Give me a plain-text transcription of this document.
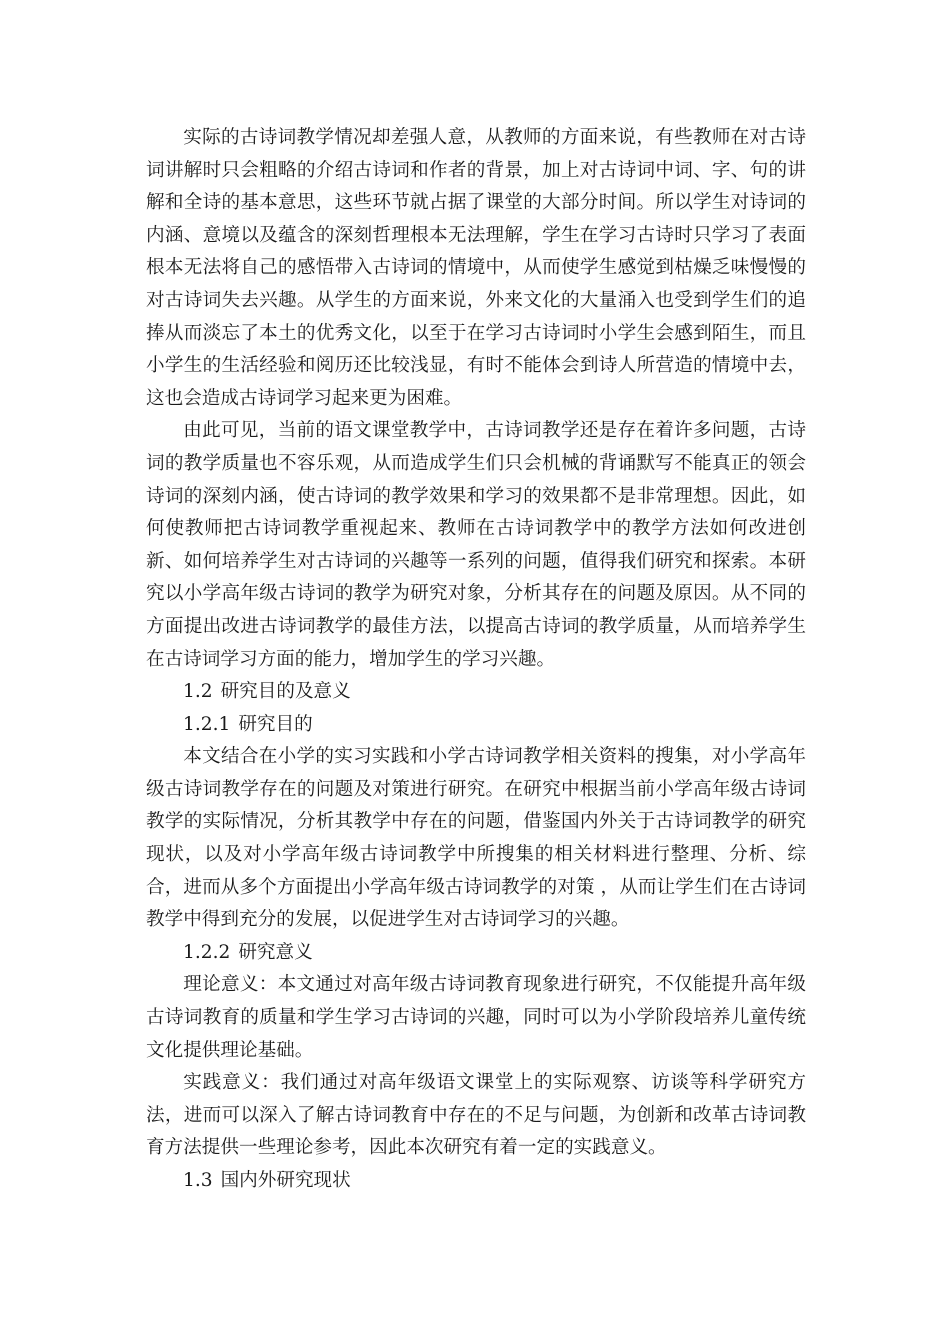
实际的古诗词教学情况却差强人意，从教师的方面来说，有些教师在对古诗词讲解时只会粗略的介绍古诗词和作者的背景，加上对古诗词中词、字、句的讲解和全诗的基本意思，这些环节就占据了课堂的大部分时间。所以学生对诗词的内涵、意境以及蕴含的深刻哲理根本无法理解，学生在学习古诗时只学习了表面根本无法将自己的感悟带入古诗词的情境中，从而使学生感觉到枯燥乏味慢慢的对古诗词失去兴趣。从学生的方面来说，外来文化的大量涌入也受到学生们的追捧从而淡忘了本土的优秀文化，以至于在学习古诗词时小学生会感到陌生，而且小学生的生活经验和阅历还比较浅显，有时不能体会到诗人所营造的情境中去，这也会造成古诗词学习起来更为困难。

由此可见，当前的语文课堂教学中，古诗词教学还是存在着许多问题，古诗词的教学质量也不容乐观，从而造成学生们只会机械的背诵默写不能真正的领会诗词的深刻内涵，使古诗词的教学效果和学习的效果都不是非常理想。因此，如何使教师把古诗词教学重视起来、教师在古诗词教学中的教学方法如何改进创新、如何培养学生对古诗词的兴趣等一系列的问题，值得我们研究和探索。本研究以小学高年级古诗词的教学为研究对象，分析其存在的问题及原因。从不同的方面提出改进古诗词教学的最佳方法，以提高古诗词的教学质量，从而培养学生在古诗词学习方面的能力，增加学生的学习兴趣。

1.2 研究目的及意义
1.2.1 研究目的

本文结合在小学的实习实践和小学古诗词教学相关资料的搜集，对小学高年级古诗词教学存在的问题及对策进行研究。在研究中根据当前小学高年级古诗词教学的实际情况，分析其教学中存在的问题，借鉴国内外关于古诗词教学的研究现状，以及对小学高年级古诗词教学中所搜集的相关材料进行整理、分析、综合，进而从多个方面提出小学高年级古诗词教学的对策 ，从而让学生们在古诗词教学中得到充分的发展，以促进学生对古诗词学习的兴趣。

1.2.2 研究意义

理论意义：本文通过对高年级古诗词教育现象进行研究，不仅能提升高年级古诗词教育的质量和学生学习古诗词的兴趣，同时可以为小学阶段培养儿童传统文化提供理论基础。

实践意义：我们通过对高年级语文课堂上的实际观察、访谈等科学研究方法，进而可以深入了解古诗词教育中存在的不足与问题，为创新和改革古诗词教育方法提供一些理论参考，因此本次研究有着一定的实践意义。

1.3 国内外研究现状
